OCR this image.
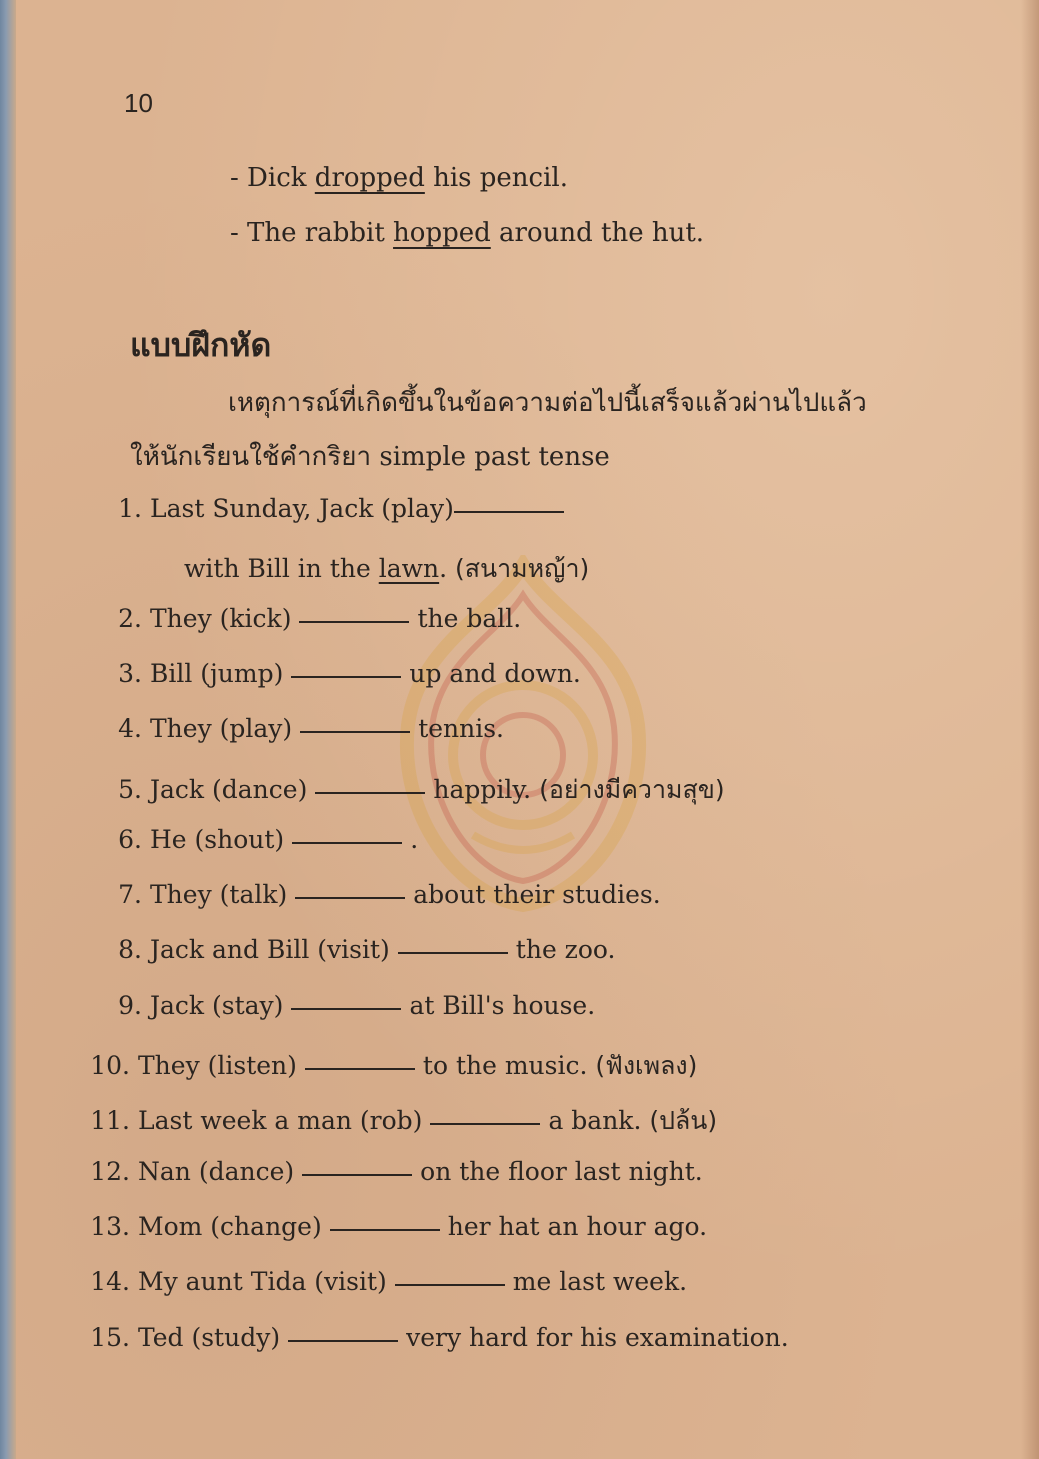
10
- Dick dropped his pencil.
- The rabbit hopped around the hut.
แบบฝึกหัด
เหตุการณ์ที่เกิดขึ้นในข้อความต่อไปนี้เสร็จแล้วผ่านไปแล้ว
ให้นักเรียนใช้คำกริยา simple past tense
1. Last Sunday, Jack (play)
with Bill in the lawn. (สนามหญ้า)
2. They (kick)	the ball.
3. Bill (jump)	up and down.
4. They (play)	tennis.
5. Jack (dance)	happily. (อย่างมีความสุข)
6. He (shout)	.
7. They (talk)	about their studies.
8. Jack and Bill (visit)	the zoo.
9. Jack (stay)	at Bill's house.
10. They (listen)	to the music. (ฟังเพลง)
11. Last week a man (rob)	a bank. (ปล้น)
12. Nan (dance)	on the floor last night.
13. Mom (change)	her hat an hour ago.
14. My aunt Tida (visit)	me last week.
15. Ted (study)	very hard for his examination.
